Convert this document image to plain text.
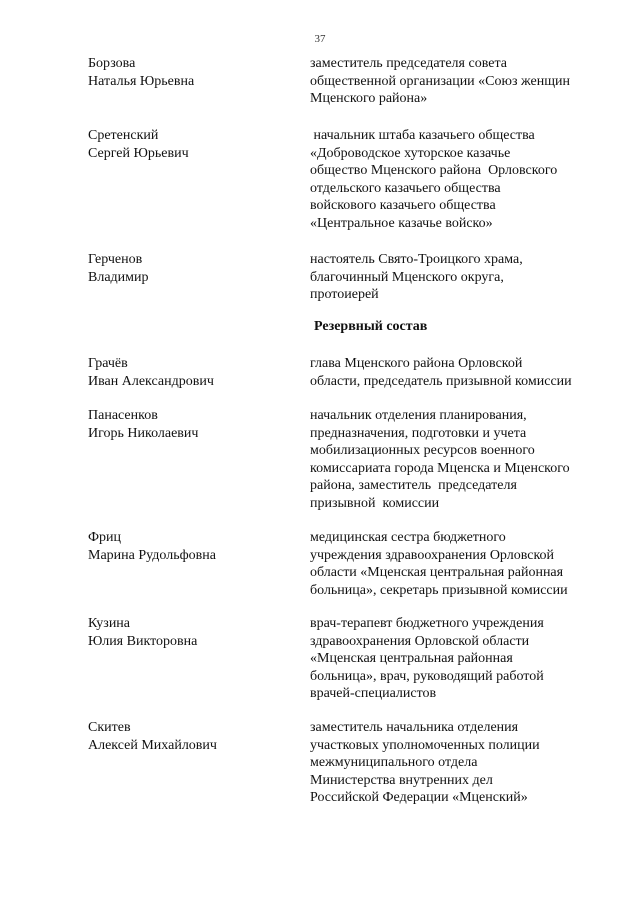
37
Борзова
Наталья Юрьевна
заместитель председателя совета
общественной организации «Союз женщин
Мценского района»
Сретенский
Сергей Юрьевич
начальник штаба казачьего общества
«Доброводское хуторское казачье
общество Мценского района  Орловского
отдельского казачьего общества
войскового казачьего общества
«Центральное казачье войско»
Герченов
Владимир
настоятель Свято-Троицкого храма,
благочинный Мценского округа,
протоиерей
Резервный состав
Грачёв
Иван Александрович
глава Мценского района Орловской
области, председатель призывной комиссии
Панасенков
Игорь Николаевич
начальник отделения планирования,
предназначения, подготовки и учета
мобилизационных ресурсов военного
комиссариата города Мценска и Мценского
района, заместитель  председателя
призывной  комиссии
Фриц
Марина Рудольфовна
медицинская сестра бюджетного
учреждения здравоохранения Орловской
области «Мценская центральная районная
больница», секретарь призывной комиссии
Кузина
Юлия Викторовна
врач-терапевт бюджетного учреждения
здравоохранения Орловской области
«Мценская центральная районная
больница», врач, руководящий работой
врачей-специалистов
Скитев
Алексей Михайлович
заместитель начальника отделения
участковых уполномоченных полиции
межмуниципального отдела
Министерства внутренних дел
Российской Федерации «Мценский»
